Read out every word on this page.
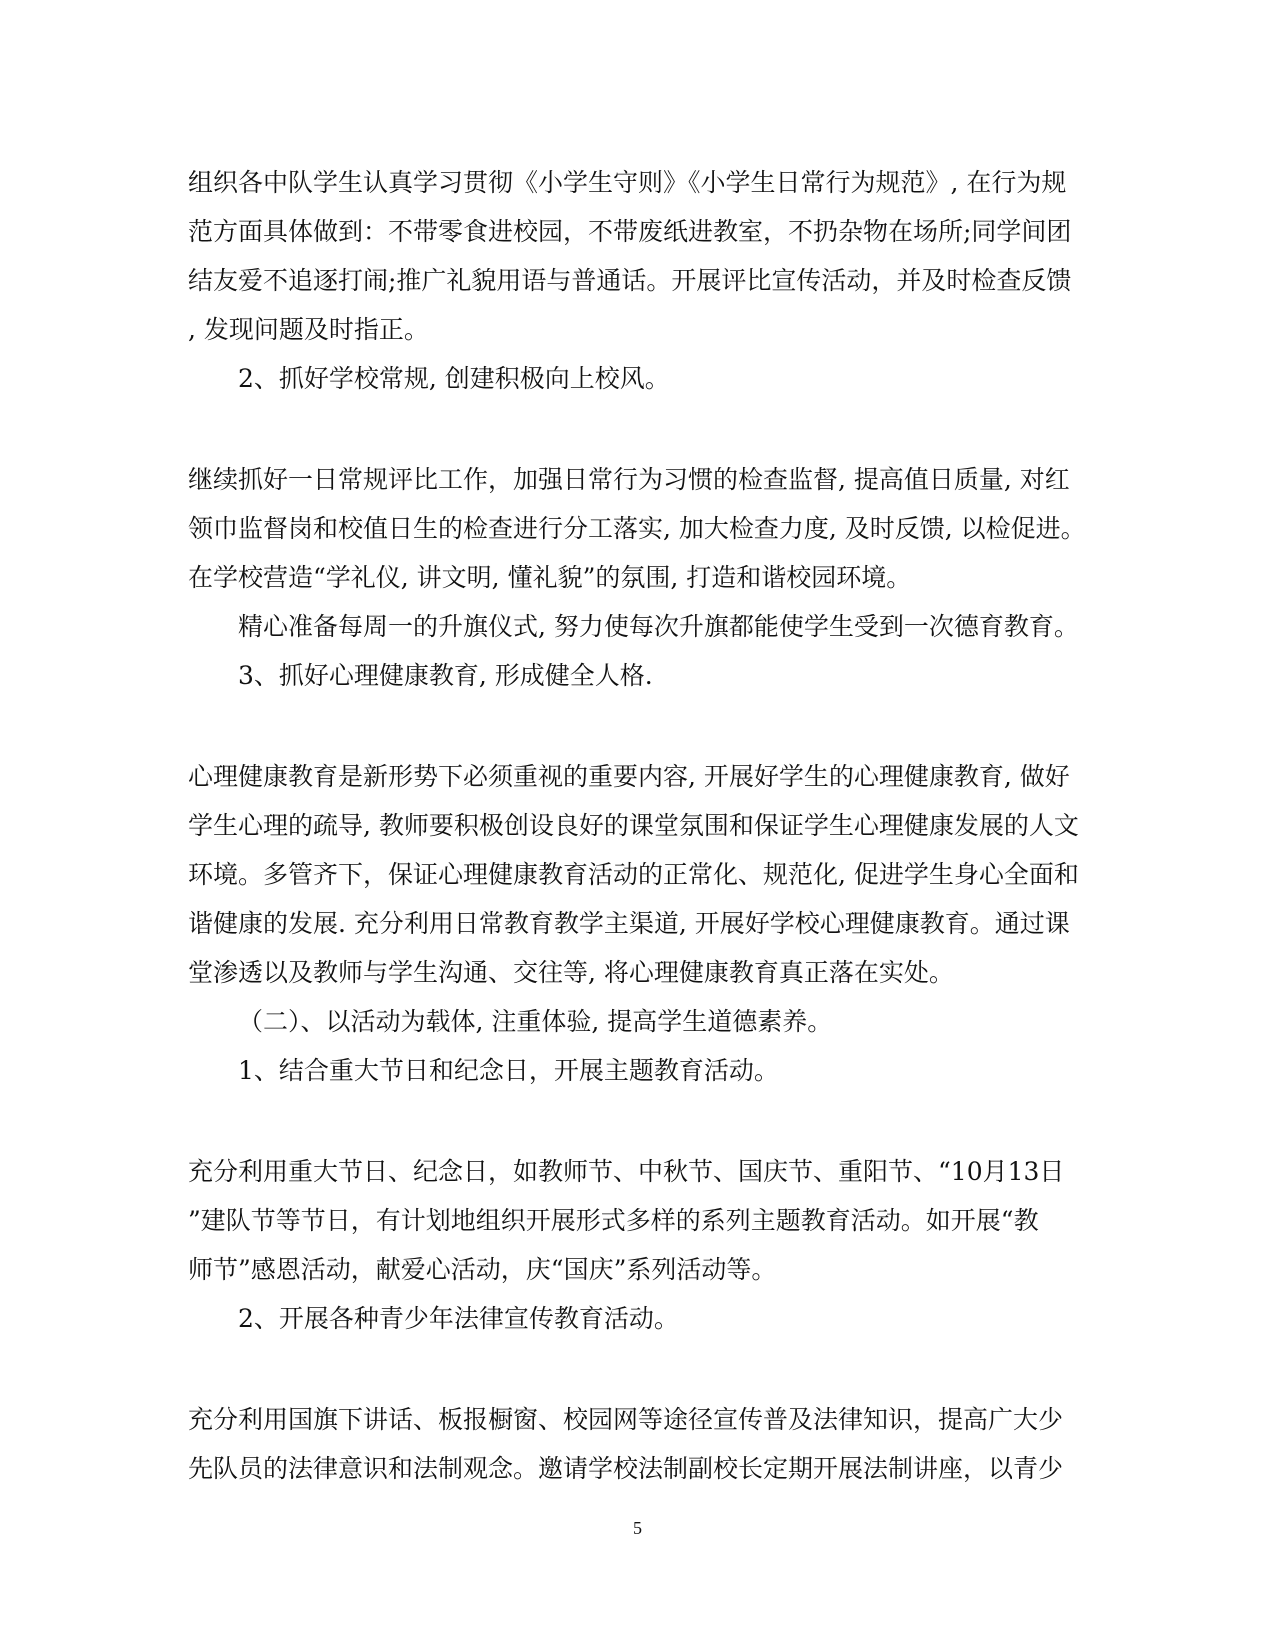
组织各中队学生认真学习贯彻《小学生守则》《小学生日常行为规范》, 在行为规
范方面具体做到：不带零食进校园，不带废纸进教室，不扔杂物在场所;同学间团
结友爱不追逐打闹;推广礼貌用语与普通话。开展评比宣传活动，并及时检查反馈
, 发现问题及时指正。
2、抓好学校常规, 创建积极向上校风。
继续抓好一日常规评比工作，加强日常行为习惯的检查监督, 提高值日质量, 对红
领巾监督岗和校值日生的检查进行分工落实, 加大检查力度, 及时反馈, 以检促进。
在学校营造“学礼仪, 讲文明, 懂礼貌”的氛围, 打造和谐校园环境。
精心准备每周一的升旗仪式, 努力使每次升旗都能使学生受到一次德育教育。
3、抓好心理健康教育, 形成健全人格.
心理健康教育是新形势下必须重视的重要内容, 开展好学生的心理健康教育, 做好
学生心理的疏导, 教师要积极创设良好的课堂氛围和保证学生心理健康发展的人文
环境。多管齐下，保证心理健康教育活动的正常化、规范化, 促进学生身心全面和
谐健康的发展. 充分利用日常教育教学主渠道, 开展好学校心理健康教育。通过课
堂渗透以及教师与学生沟通、交往等, 将心理健康教育真正落在实处。
（二）、以活动为载体, 注重体验, 提高学生道德素养。
1、结合重大节日和纪念日，开展主题教育活动。
充分利用重大节日、纪念日，如教师节、中秋节、国庆节、重阳节、“10月13日
”建队节等节日，有计划地组织开展形式多样的系列主题教育活动。如开展“教
师节”感恩活动，献爱心活动，庆“国庆”系列活动等。
2、开展各种青少年法律宣传教育活动。
充分利用国旗下讲话、板报橱窗、校园网等途径宣传普及法律知识，提高广大少
先队员的法律意识和法制观念。邀请学校法制副校长定期开展法制讲座，以青少
5
